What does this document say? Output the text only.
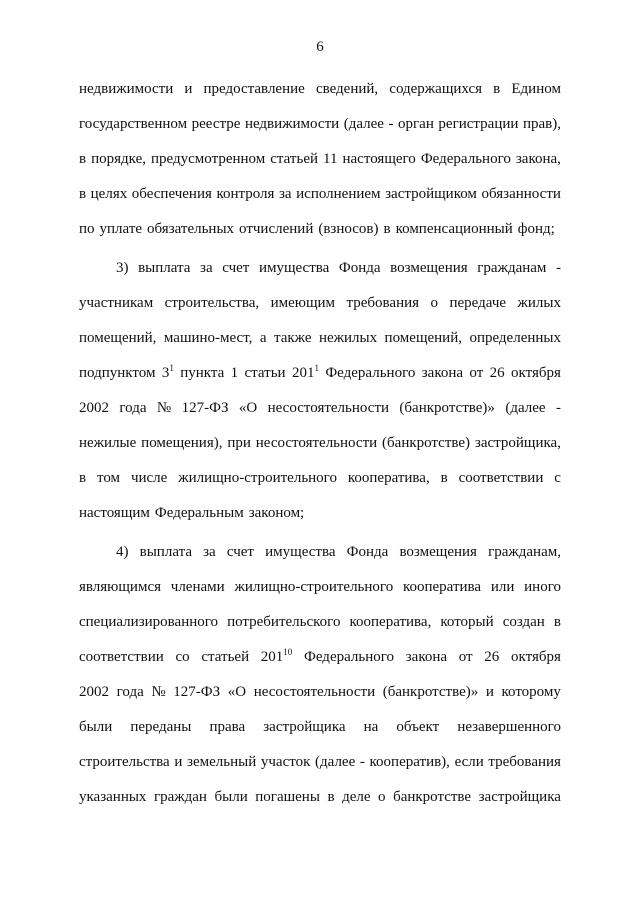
6
недвижимости и предоставление сведений, содержащихся в Едином
государственном реестре недвижимости (далее - орган регистрации прав),
в порядке, предусмотренном статьей 11 настоящего Федерального закона,
в целях обеспечения контроля за исполнением застройщиком обязанности
по уплате обязательных отчислений (взносов) в компенсационный фонд;
3) выплата за счет имущества Фонда возмещения гражданам -
участникам строительства, имеющим требования о передаче жилых
помещений, машино-мест, а также нежилых помещений, определенных
подпунктом $3^1$ пункта 1 статьи $201^1$ Федерального закона от 26 октября
2002 года № 127-ФЗ «О несостоятельности (банкротстве)» (далее -
нежилые помещения), при несостоятельности (банкротстве) застройщика,
в том числе жилищно-строительного кооператива, в соответствии с
настоящим Федеральным законом;
4) выплата за счет имущества Фонда возмещения гражданам,
являющимся членами жилищно-строительного кооператива или иного
специализированного потребительского кооператива, который создан в
соответствии со статьей $201^{10}$ Федерального закона от 26 октября
2002 года № 127-ФЗ «О несостоятельности (банкротстве)» и которому
были переданы права застройщика на объект незавершенного
строительства и земельный участок (далее - кооператив), если требования
указанных граждан были погашены в деле о банкротстве застройщика
